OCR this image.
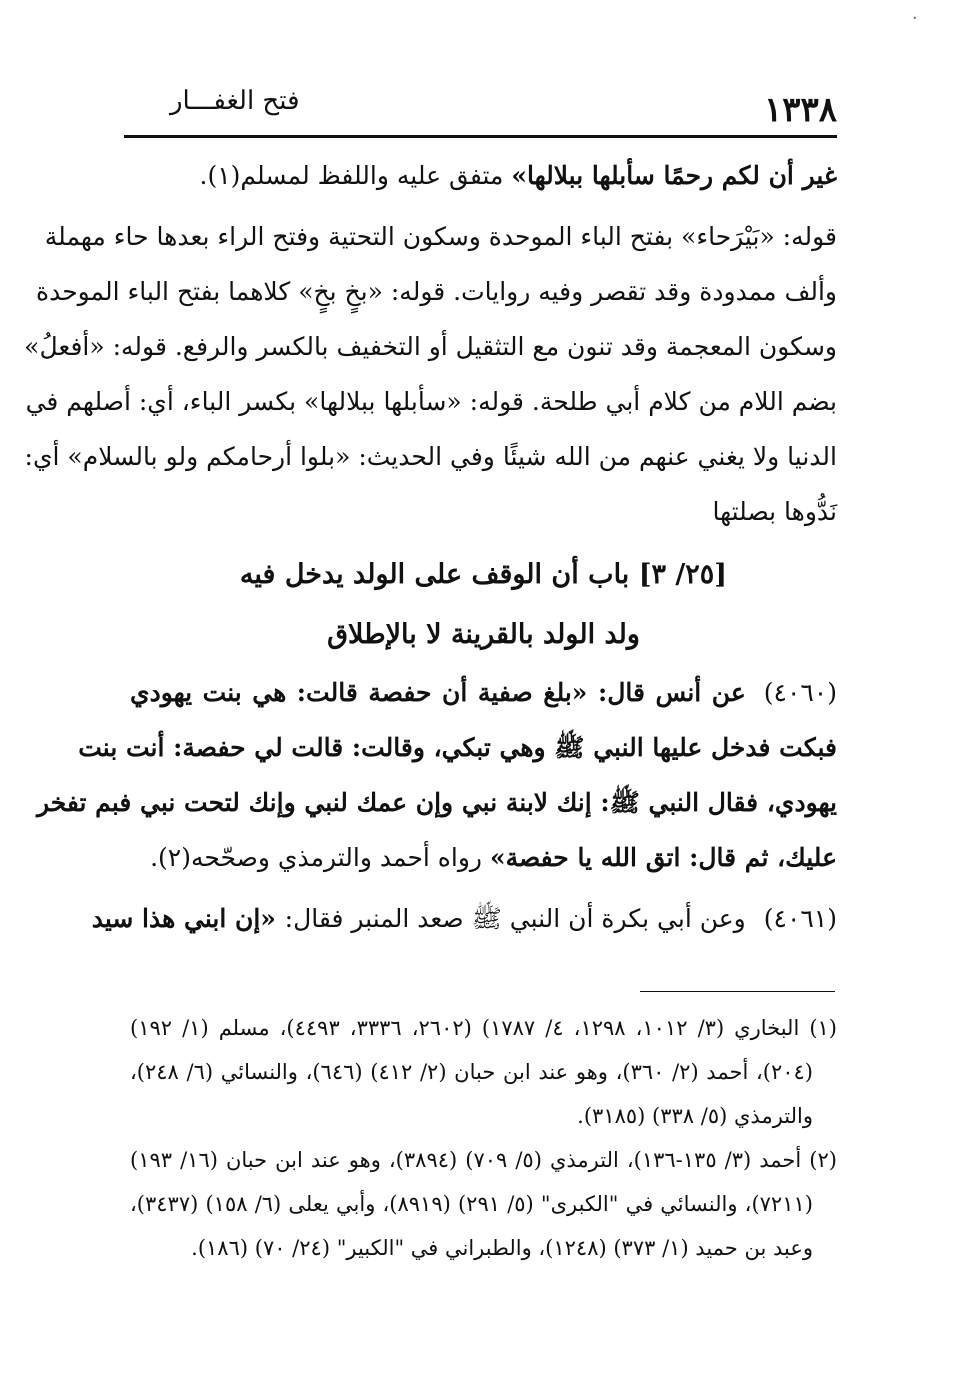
·
١٣٣٨
فتح الغفـــار
غير أن لكم رحمًا سأبلها ببلالها» متفق عليه واللفظ لمسلم(١).
قوله: «بَيْرَحاء» بفتح الباء الموحدة وسكون التحتية وفتح الراء بعدها حاء مهملة
وألف ممدودة وقد تقصر وفيه روايات. قوله: «بخٍ بخٍ» كلاهما بفتح الباء الموحدة
وسكون المعجمة وقد تنون مع التثقيل أو التخفيف بالكسر والرفع. قوله: «أفعلُ»
بضم اللام من كلام أبي طلحة. قوله: «سأبلها ببلالها» بكسر الباء، أي: أصلهم في
الدنيا ولا يغني عنهم من الله شيئًا وفي الحديث: «بلوا أرحامكم ولو بالسلام» أي:
نَدُّوها بصلتها
[٢٥/ ٣] باب أن الوقف على الولد يدخل فيه
ولد الولد بالقرينة لا بالإطلاق
(٤٠٦٠)عن أنس قال: «بلغ صفية أن حفصة قالت: هي بنت يهودي
فبكت فدخل عليها النبي ﷺ وهي تبكي، وقالت: قالت لي حفصة: أنت بنت
يهودي، فقال النبي ﷺ: إنك لابنة نبي وإن عمك لنبي وإنك لتحت نبي فبم تفخر
عليك، ثم قال: اتق الله يا حفصة» رواه أحمد والترمذي وصحّحه(٢).
(٤٠٦١)وعن أبي بكرة أن النبي ﷺ صعد المنبر فقال: «إن ابني هذا سيد
(١) البخاري (٣/ ١٠١٢، ١٢٩٨، ٤/ ١٧٨٧) (٢٦٠٢، ٣٣٣٦، ٤٤٩٣)، مسلم (١/ ١٩٢)
(٢٠٤)، أحمد (٢/ ٣٦٠)، وهو عند ابن حبان (٢/ ٤١٢) (٦٤٦)، والنسائي (٦/ ٢٤٨)،
والترمذي (٥/ ٣٣٨) (٣١٨٥).
(٢) أحمد (٣/ ١٣٥-١٣٦)، الترمذي (٥/ ٧٠٩) (٣٨٩٤)، وهو عند ابن حبان (١٦/ ١٩٣)
(٧٢١١)، والنسائي في "الكبرى" (٥/ ٢٩١) (٨٩١٩)، وأبي يعلى (٦/ ١٥٨) (٣٤٣٧)،
وعبد بن حميد (١/ ٣٧٣) (١٢٤٨)، والطبراني في "الكبير" (٢٤/ ٧٠) (١٨٦).
